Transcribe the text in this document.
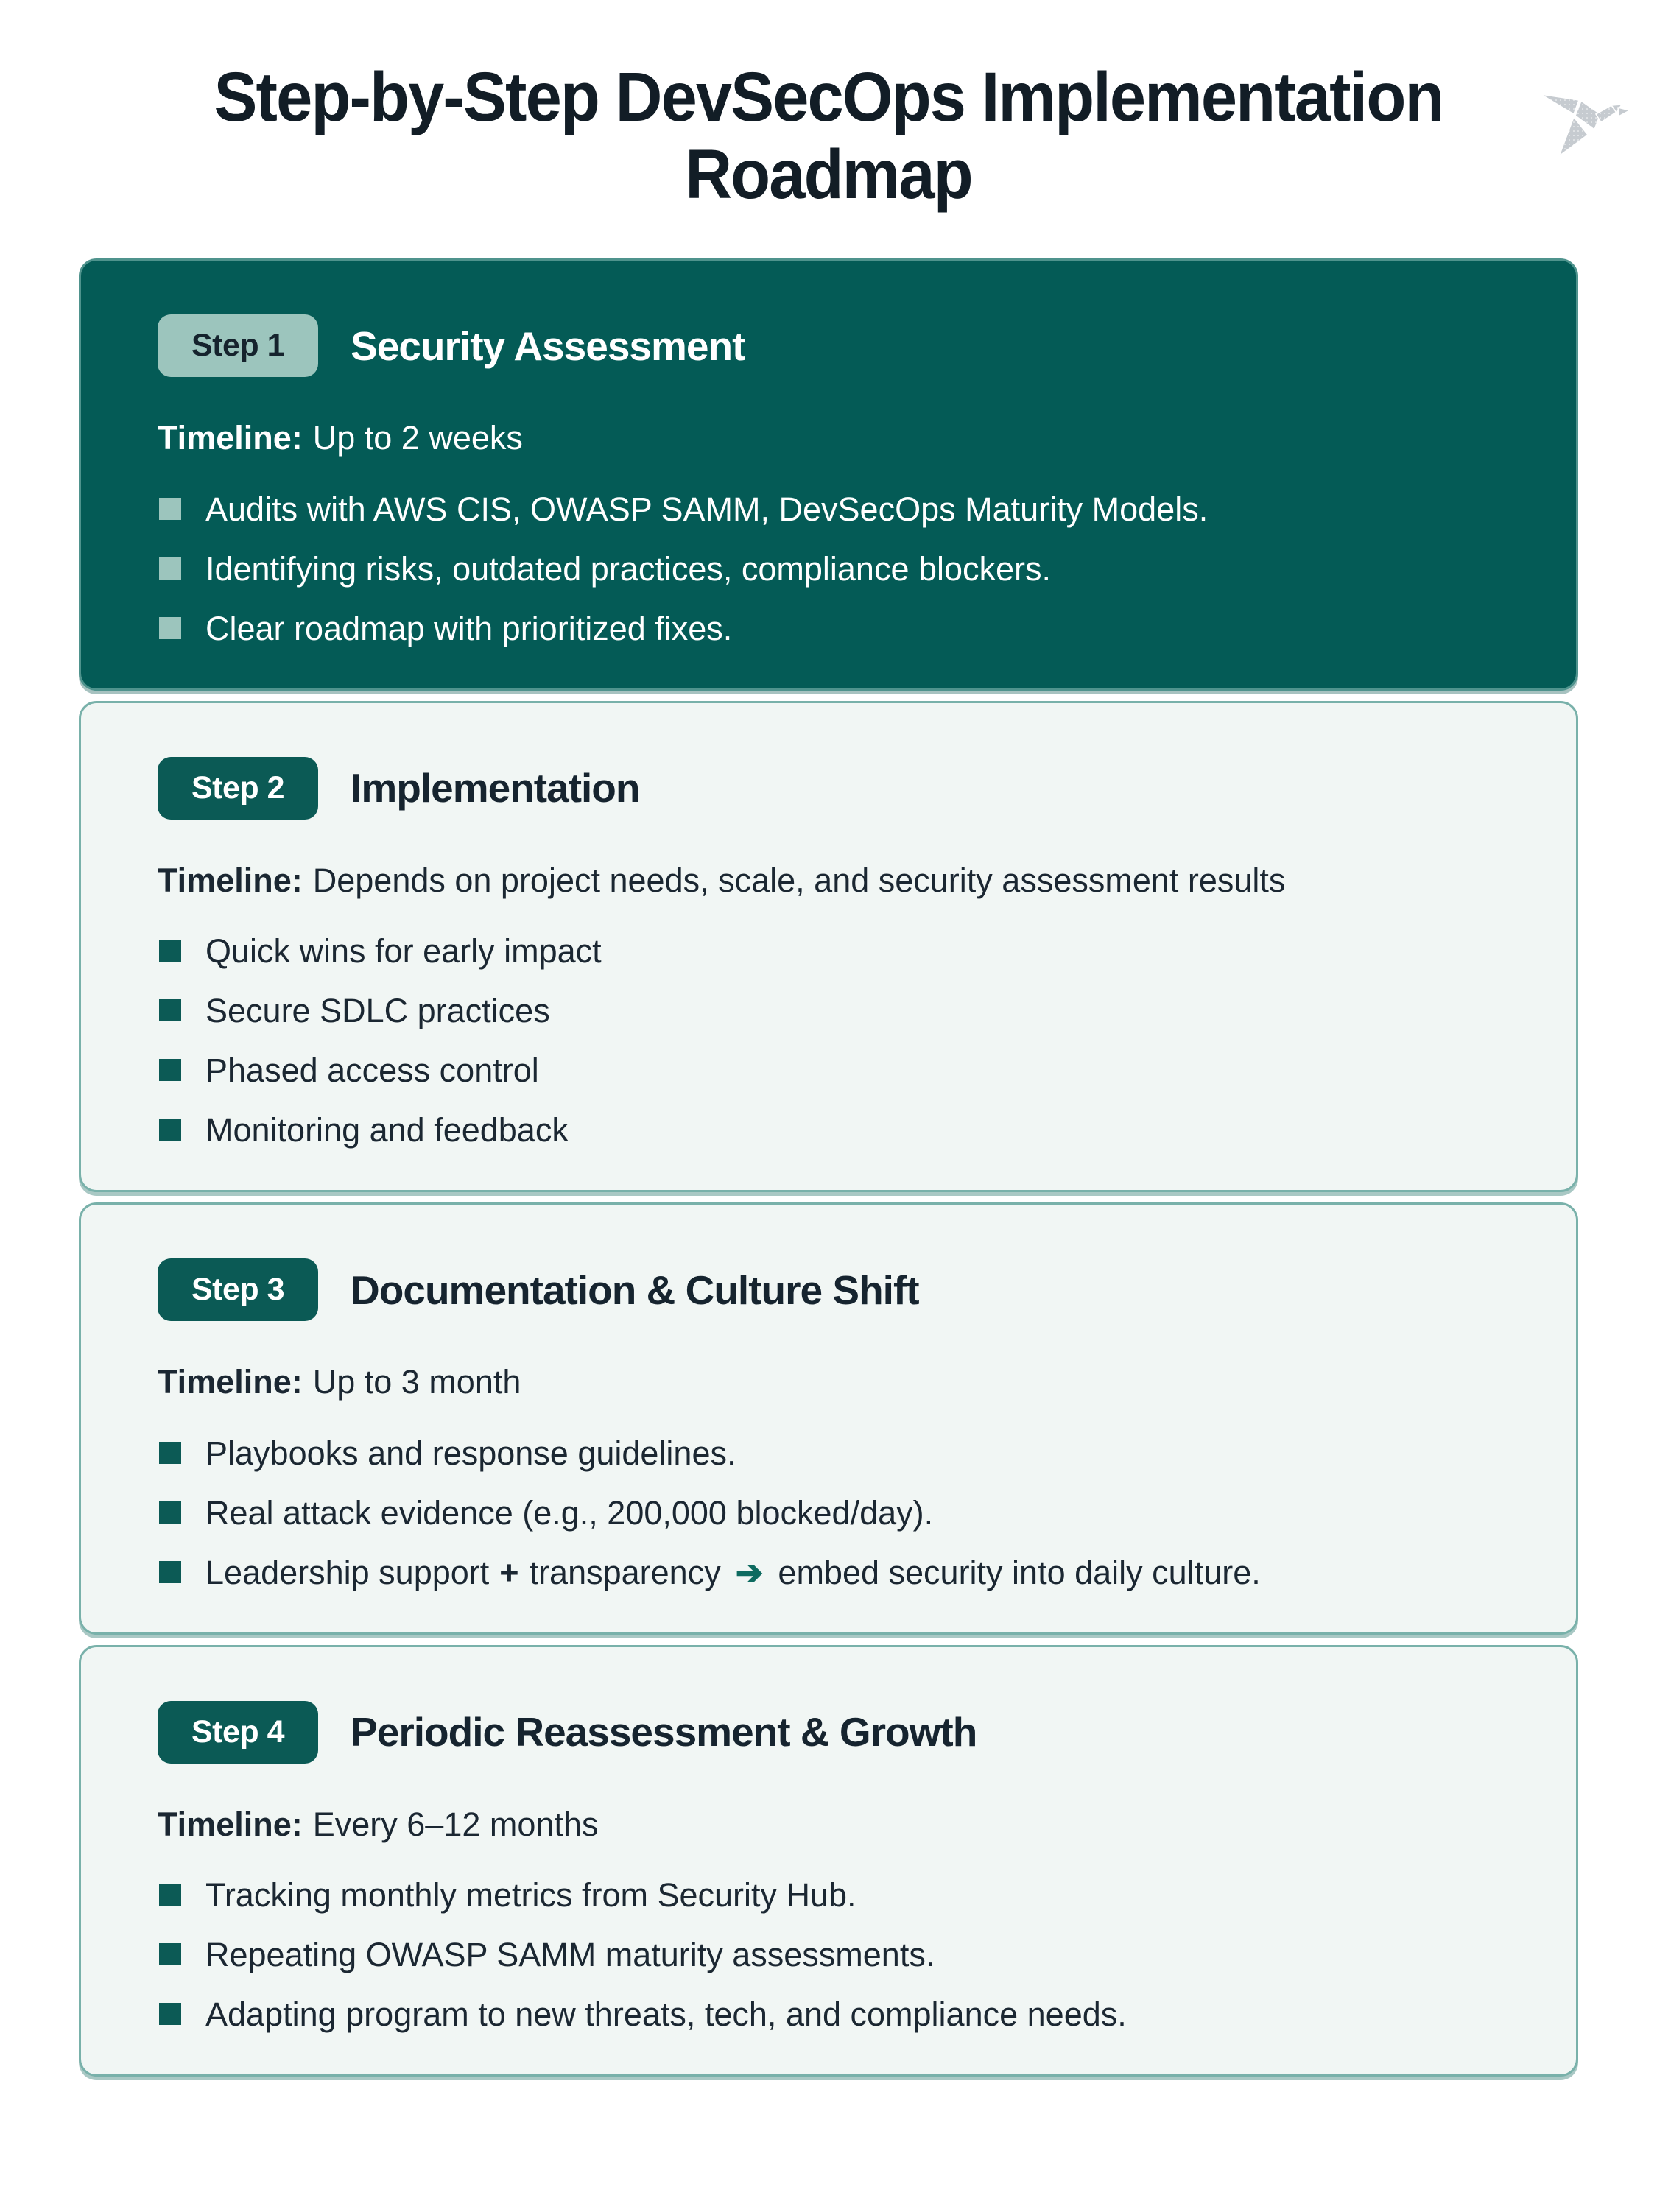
Step-by-Step DevSecOps Implementation
Roadmap
Step 1	Security Assessment

Timeline: Up to 2 weeks

Audits with AWS CIS, OWASP SAMM, DevSecOps Maturity Models.
Identifying risks, outdated practices, compliance blockers.
Clear roadmap with prioritized fixes.
Step 2	Implementation

Timeline: Depends on project needs, scale, and security assessment results

Quick wins for early impact
Secure SDLC practices
Phased access control
Monitoring and feedback
Step 3	Documentation & Culture Shift

Timeline: Up to 3 month

Playbooks and response guidelines.
Real attack evidence (e.g., 200,000 blocked/day).
Leadership support + transparency ➔ embed security into daily culture.
Step 4	Periodic Reassessment & Growth

Timeline: Every 6–12 months

Tracking monthly metrics from Security Hub.
Repeating OWASP SAMM maturity assessments.
Adapting program to new threats, tech, and compliance needs.
